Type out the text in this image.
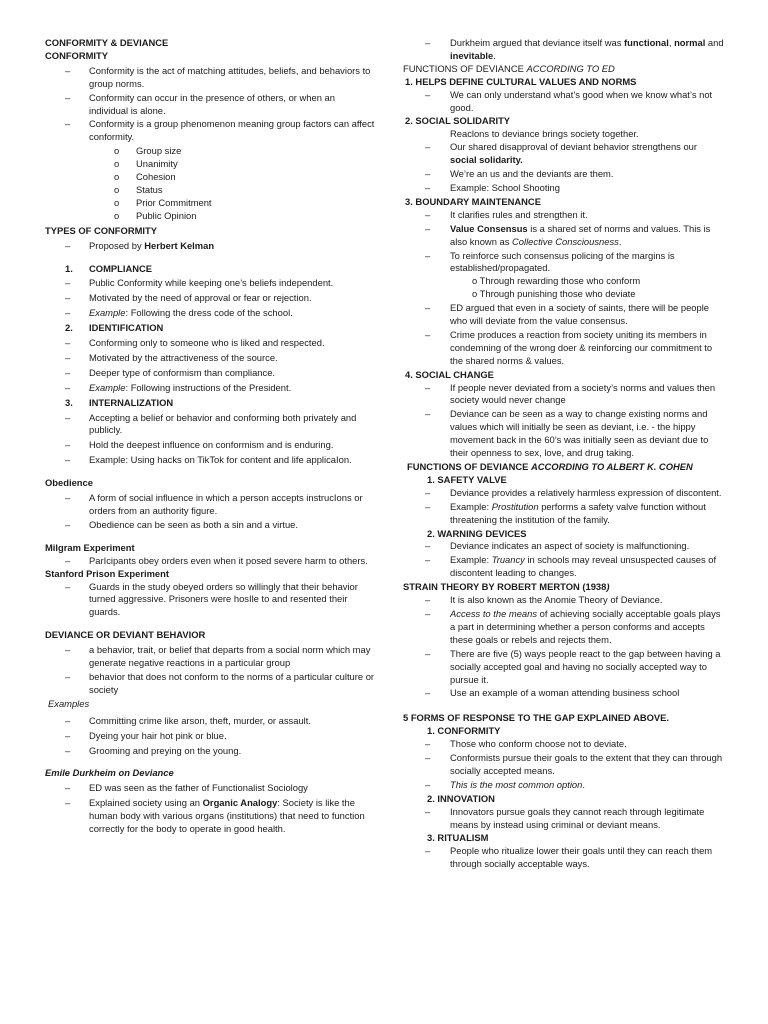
CONFORMITY & DEVIANCE
CONFORMITY
–
Conformity is the act of matching attitudes, beliefs, and behaviors to group norms.
–
Conformity can occur in the presence of others, or when an individual is alone.
–
Conformity is a group phenomenon meaning group factors can affect conformity.
o
Group size
o
Unanimity
o
Cohesion
o
Status
o
Prior Commitment
o
Public Opinion
TYPES OF CONFORMITY
–
Proposed by Herbert Kelman
1.	COMPLIANCE
–
Public Conformity while keeping one’s beliefs independent.
–
Motivated by the need of approval or fear or rejection.
–
Example: Following the dress code of the school.
2.	IDENTIFICATION
–
Conforming only to someone who is liked and respected.
–
Motivated by the attractiveness of the source.
–
Deeper type of conformism than compliance.
–
Example: Following instructions of the President.
3.	INTERNALIZATION
–
Accepting a belief or behavior and conforming both privately and publicly.
–
Hold the deepest influence on conformism and is enduring.
–
Example: Using hacks on TikTok for content and life applicaIon.
Obedience
–
A form of social influence in which a person accepts instrucIons or orders from an authority figure.
–
Obedience can be seen as both a sin and a virtue.
Milgram Experiment
–
ParIcipants obey orders even when it posed severe harm to others.
Stanford Prison Experiment
–
Guards in the study obeyed orders so willingly that their behavior turned aggressive. Prisoners were hosIle to and resented their guards.
DEVIANCE OR DEVIANT BEHAVIOR
–
a behavior, trait, or belief that departs from a social norm which may generate negative reactions in a particular group
–
behavior that does not conform to the norms of a particular culture or society
Examples
–
Committing crime like arson, theft, murder, or assault.
–
Dyeing your hair hot pink or blue.
–
Grooming and preying on the young.
Emile Durkheim on Deviance
–
ED was seen as the father of Functionalist Sociology
–
Explained society using an Organic Analogy: Society is like the human body with various organs (institutions) that need to function correctly for the body to operate in good health.
–
Durkheim argued that deviance itself was functional, normal and inevitable.
FUNCTIONS OF DEVIANCE ACCORDING TO ED
1. HELPS DEFINE CULTURAL VALUES AND NORMS
–
We can only understand what’s good when we know what’s not good.
2. SOCIAL SOLIDARITY
Reaclons to deviance brings society together.
–
Our shared disapproval of deviant behavior strengthens our social solidarity.
–
We’re an us and the deviants are them.
–
Example: School Shooting
3. BOUNDARY MAINTENANCE
–
It clarifies rules and strengthen it.
–
Value Consensus is a shared set of norms and values. This is also known as Collective Consciousness.
–
To reinforce such consensus policing of the margins is established/propagated.
o Through rewarding those who conform
o Through punishing those who deviate
–
ED argued that even in a society of saints, there will be people who will deviate from the value consensus.
–
Crime produces a reaction from society uniting its members in condemning of the wrong doer & reinforcing our commitment to the shared norms & values.
4. SOCIAL CHANGE
–
If people never deviated from a society’s norms and values then society would never change
–
Deviance can be seen as a way to change existing norms and values which will initially be seen as deviant, i.e. - the hippy movement back in the 60’s was initially seen as deviant due to their openness to sex, love, and drug taking.
FUNCTIONS OF DEVIANCE ACCORDING TO ALBERT K. COHEN
1. SAFETY VALVE
–
Deviance provides a relatively harmless expression of discontent.
–
Example: Prostitution performs a safety valve function without threatening the institution of the family.
2. WARNING DEVICES
–
Deviance indicates an aspect of society is malfunctioning.
–
Example: Truancy in schools may reveal unsuspected causes of discontent leading to changes.
STRAIN THEORY BY ROBERT MERTON (1938)
–
It is also known as the Anomie Theory of Deviance.
–
Access to the means of achieving socially acceptable goals plays a part in determining whether a person conforms and accepts these goals or rebels and rejects them.
–
There are five (5) ways people react to the gap between having a socially accepted goal and having no socially accepted way to pursue it.
–
Use an example of a woman attending business school
5 FORMS OF RESPONSE TO THE GAP EXPLAINED ABOVE.
1. CONFORMITY
–
Those who conform choose not to deviate.
–
Conformists pursue their goals to the extent that they can through socially accepted means.
–
This is the most common option.
2. INNOVATION
–
Innovators pursue goals they cannot reach through legitimate means by instead using criminal or deviant means.
3. RITUALISM
–
People who ritualize lower their goals until they can reach them through socially acceptable ways.
